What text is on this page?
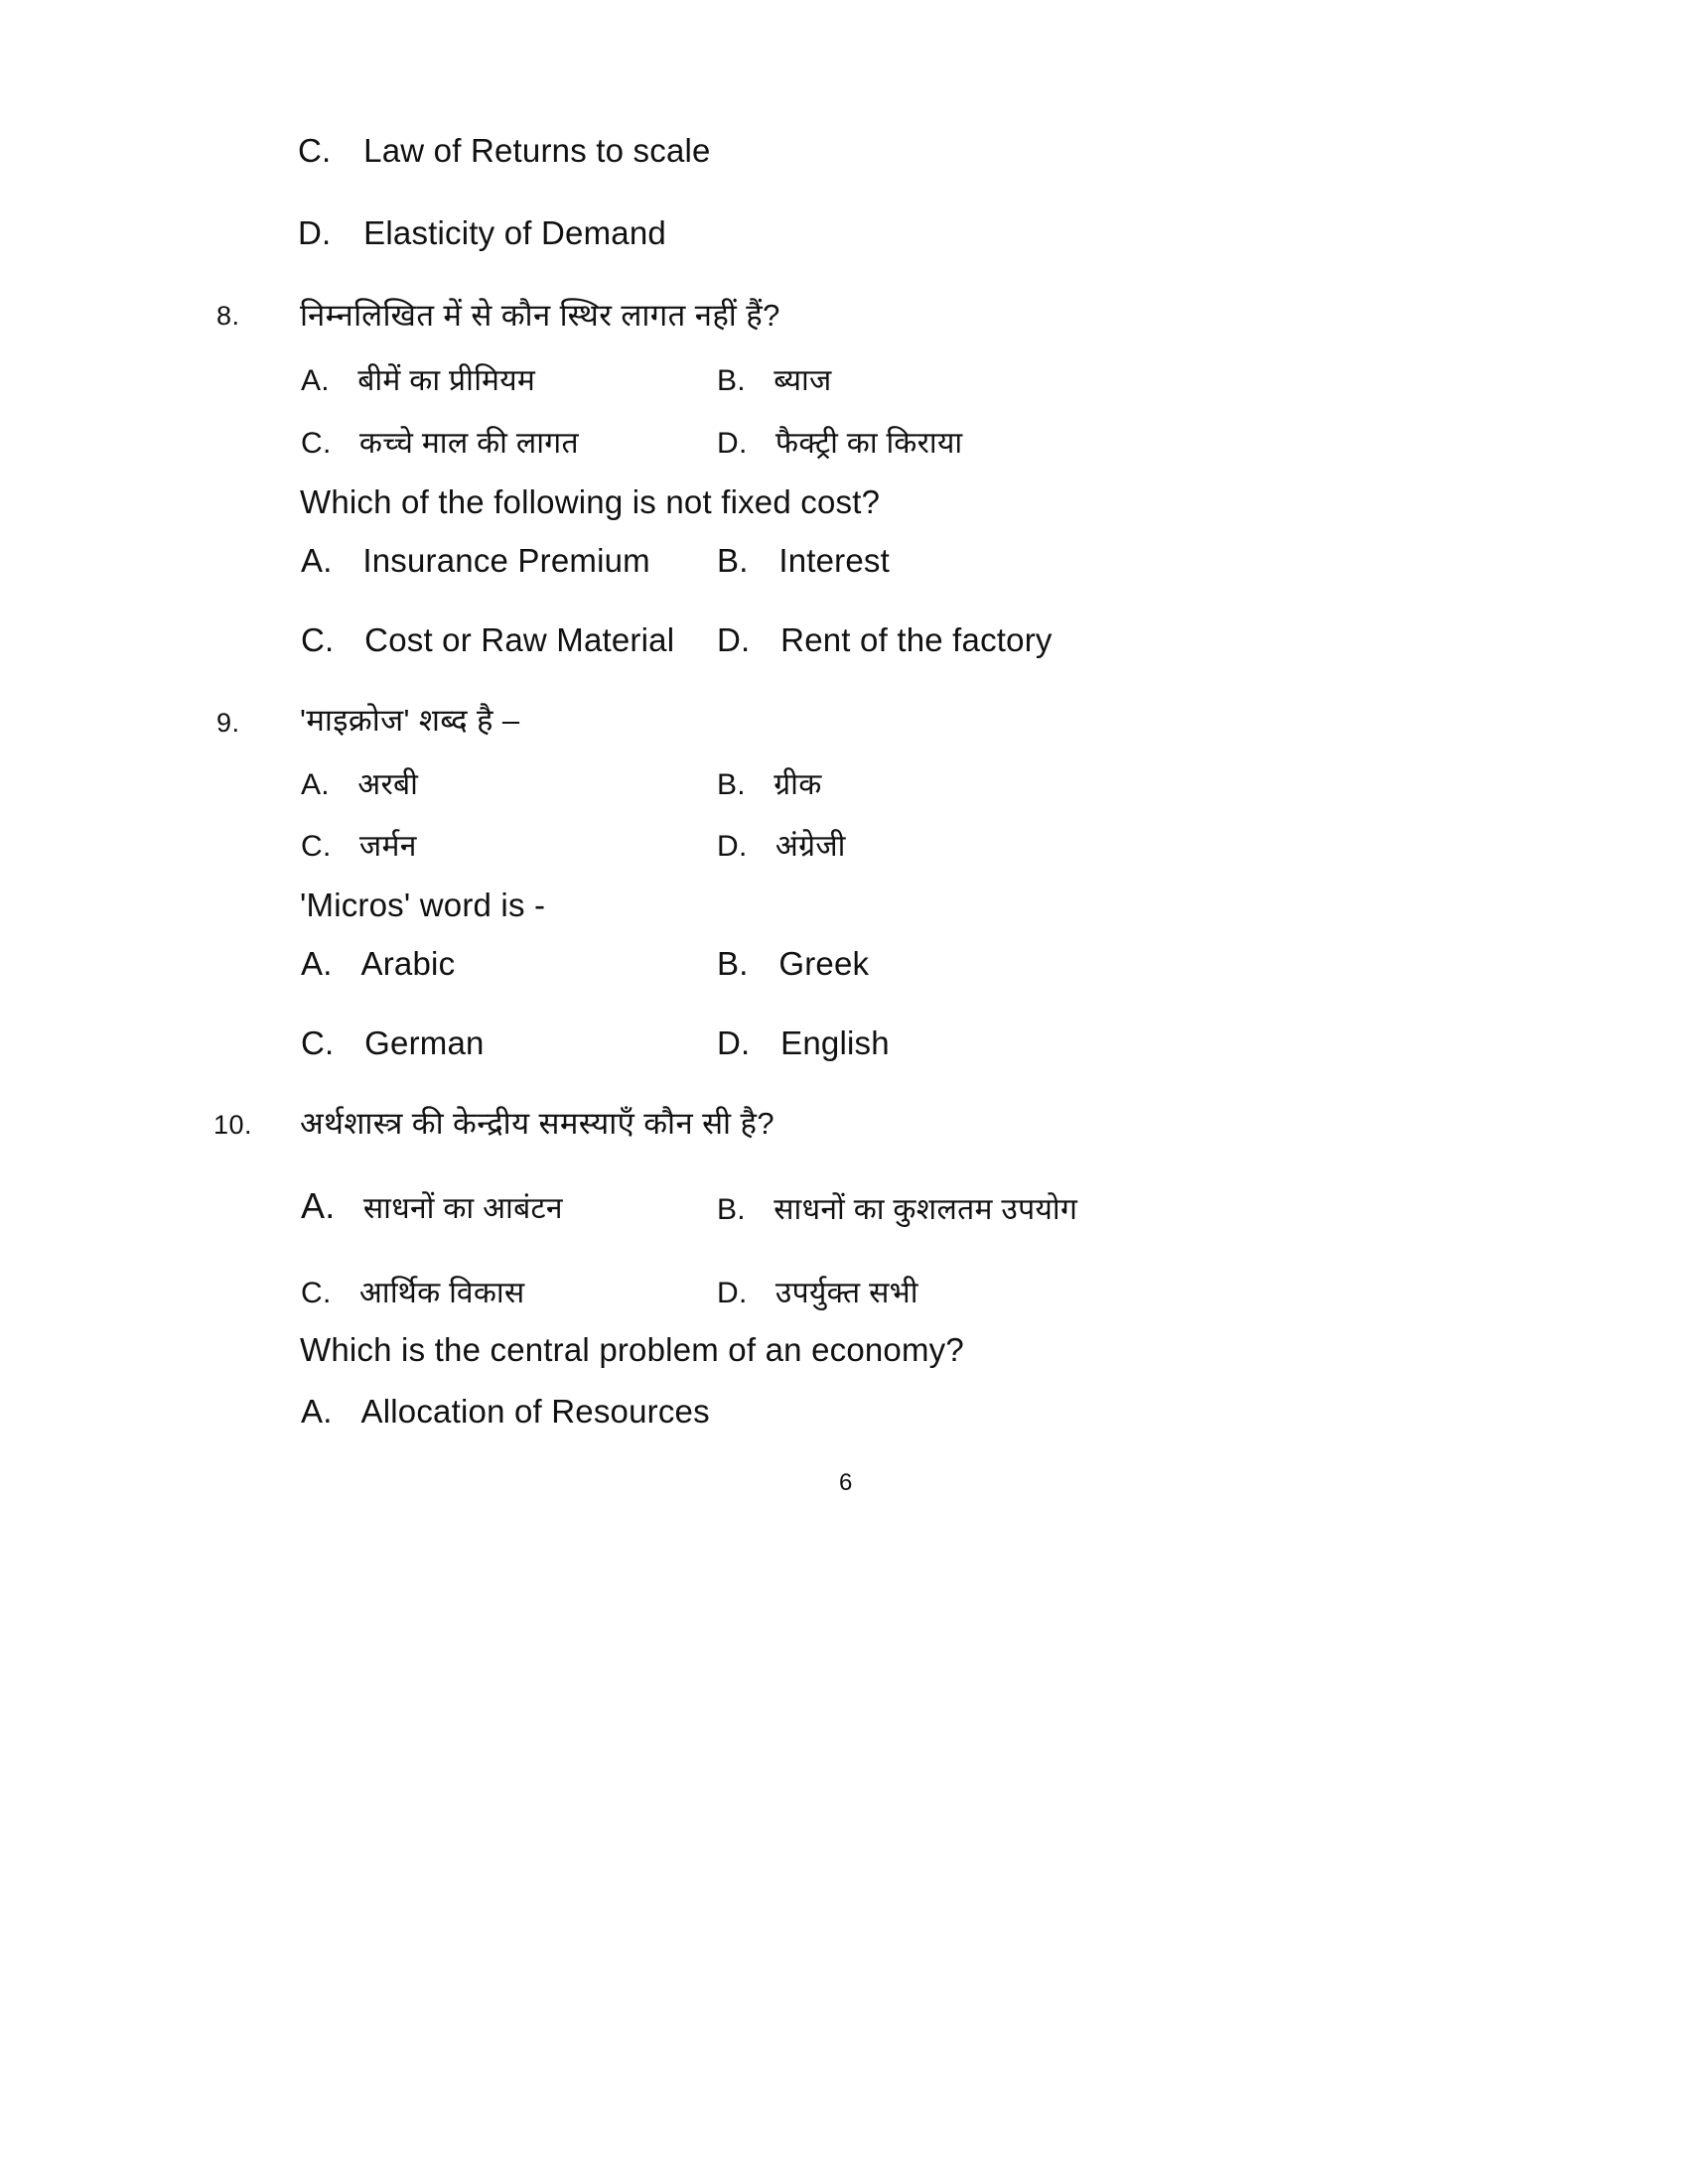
C. Law of Returns to scale
D. Elasticity of Demand
8. निम्नलिखित में से कौन स्थिर लागत नहीं हैं?
A. बीमें का प्रीमियम	B. ब्याज
C. कच्चे माल की लागत	D. फैक्ट्री का किराया
Which of the following is not fixed cost?
A. Insurance Premium B. Interest
C. Cost or Raw Material D. Rent of the factory
9. 'माइक्रोज' शब्द है –
A. अरबी	B. ग्रीक
C. जर्मन	D. अंग्रेजी
'Micros' word is -
A. Arabic	B. Greek
C. German	D. English
10. अर्थशास्त्र की केन्द्रीय समस्याएँ कौन सी है?
A. साधनों का आबंटन	B. साधनों का कुशलतम उपयोग
C. आर्थिक विकास	D. उपर्युक्त सभी
Which is the central problem of an economy?
A. Allocation of Resources
6
